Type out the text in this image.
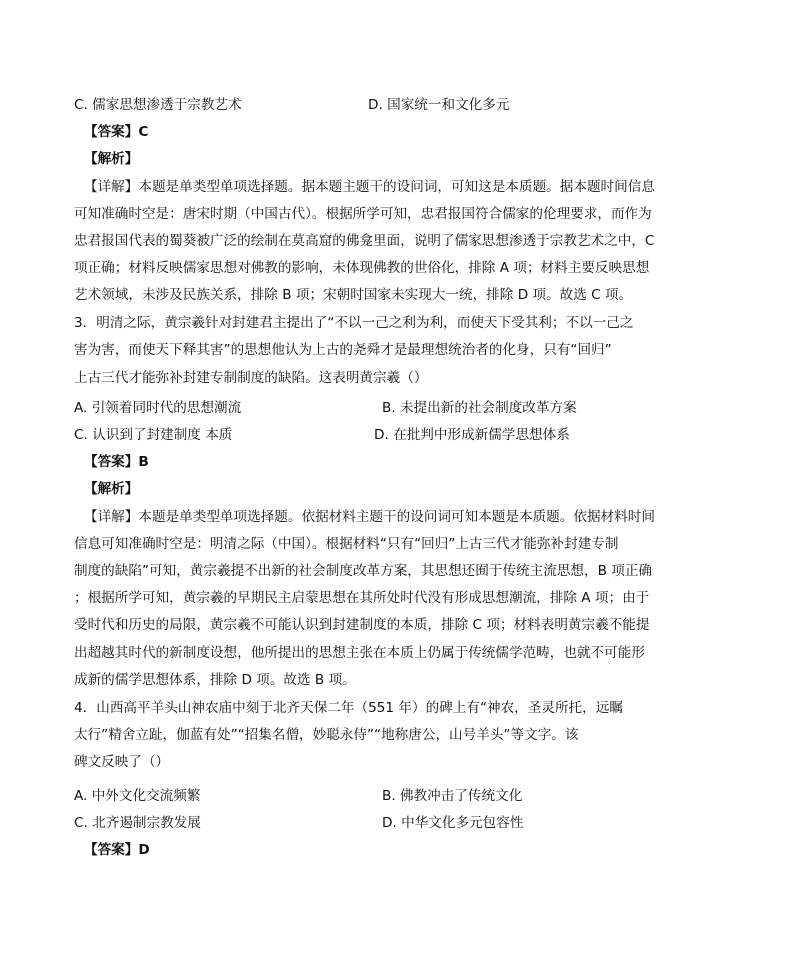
C. 儒家思想渗透于宗教艺术	D. 国家统一和文化多元
【答案】C
【解析】
【详解】本题是单类型单项选择题。据本题主题干的设问词，可知这是本质题。据本题时间信息
可知准确时空是：唐宋时期（中国古代）。根据所学可知，忠君报国符合儒家的伦理要求，而作为
忠君报国代表的蜀葵被广泛的绘制在莫高窟的佛龛里面，说明了儒家思想渗透于宗教艺术之中，C
项正确；材料反映儒家思想对佛教的影响，未体现佛教的世俗化，排除 A 项；材料主要反映思想
艺术领域，未涉及民族关系，排除 B 项；宋朝时国家未实现大一统，排除 D 项。故选 C 项。
3．明清之际，黄宗羲针对封建君主提出了“不以一己之利为利，而使天下受其利；不以一己之
害为害，而使天下释其害”的思想他认为上古的尧舜才是最理想统治者的化身，只有“回归”
上古三代才能弥补封建专制制度的缺陷。这表明黄宗羲（）
A. 引领着同时代的思想潮流	B. 未提出新的社会制度改革方案
C. 认识到了封建制度 本质	D. 在批判中形成新儒学思想体系
【答案】B
【解析】
【详解】本题是单类型单项选择题。依据材料主题干的设问词可知本题是本质题。依据材料时间
信息可知准确时空是：明清之际（中国）。根据材料“只有“回归”上古三代才能弥补封建专制
制度的缺陷”可知，黄宗羲提不出新的社会制度改革方案，其思想还囿于传统主流思想，B 项正确
；根据所学可知，黄宗羲的早期民主启蒙思想在其所处时代没有形成思想潮流，排除 A 项；由于
受时代和历史的局限，黄宗羲不可能认识到封建制度的本质，排除 C 项；材料表明黄宗羲不能提
出超越其时代的新制度设想，他所提出的思想主张在本质上仍属于传统儒学范畴，也就不可能形
成新的儒学思想体系，排除 D 项。故选 B 项。
4．山西高平羊头山神农庙中刻于北齐天保二年（551 年）的碑上有“神农，圣灵所托，远瞩
太行”精舍立趾，伽蓝有处”“招集名僧，妙聪永侍”“地称唐公，山号羊头”等文字。该
碑文反映了（）
A. 中外文化交流频繁	B. 佛教冲击了传统文化
C. 北齐遏制宗教发展	D. 中华文化多元包容性
【答案】D
